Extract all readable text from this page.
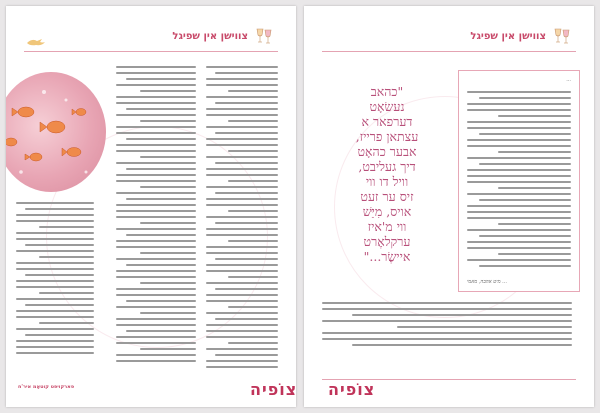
צווישן אין שפיגל
פארקויפט קוטאָמ איר'ח
צווישן אין שפיגל
...
... מיט אהבה, מאמי
"כהאב
נעשׂאָט
דערפאר א
עצתאן פרייז,
אבער כהאָט
דיך געליבט,
וויל דו ווי
זיס ער זעט
אויס, מִיַּשׁ
ווי מ'איז
ערקלאֶרט
איישֶׂר..."
צוֹפיה
צוֹפיה
